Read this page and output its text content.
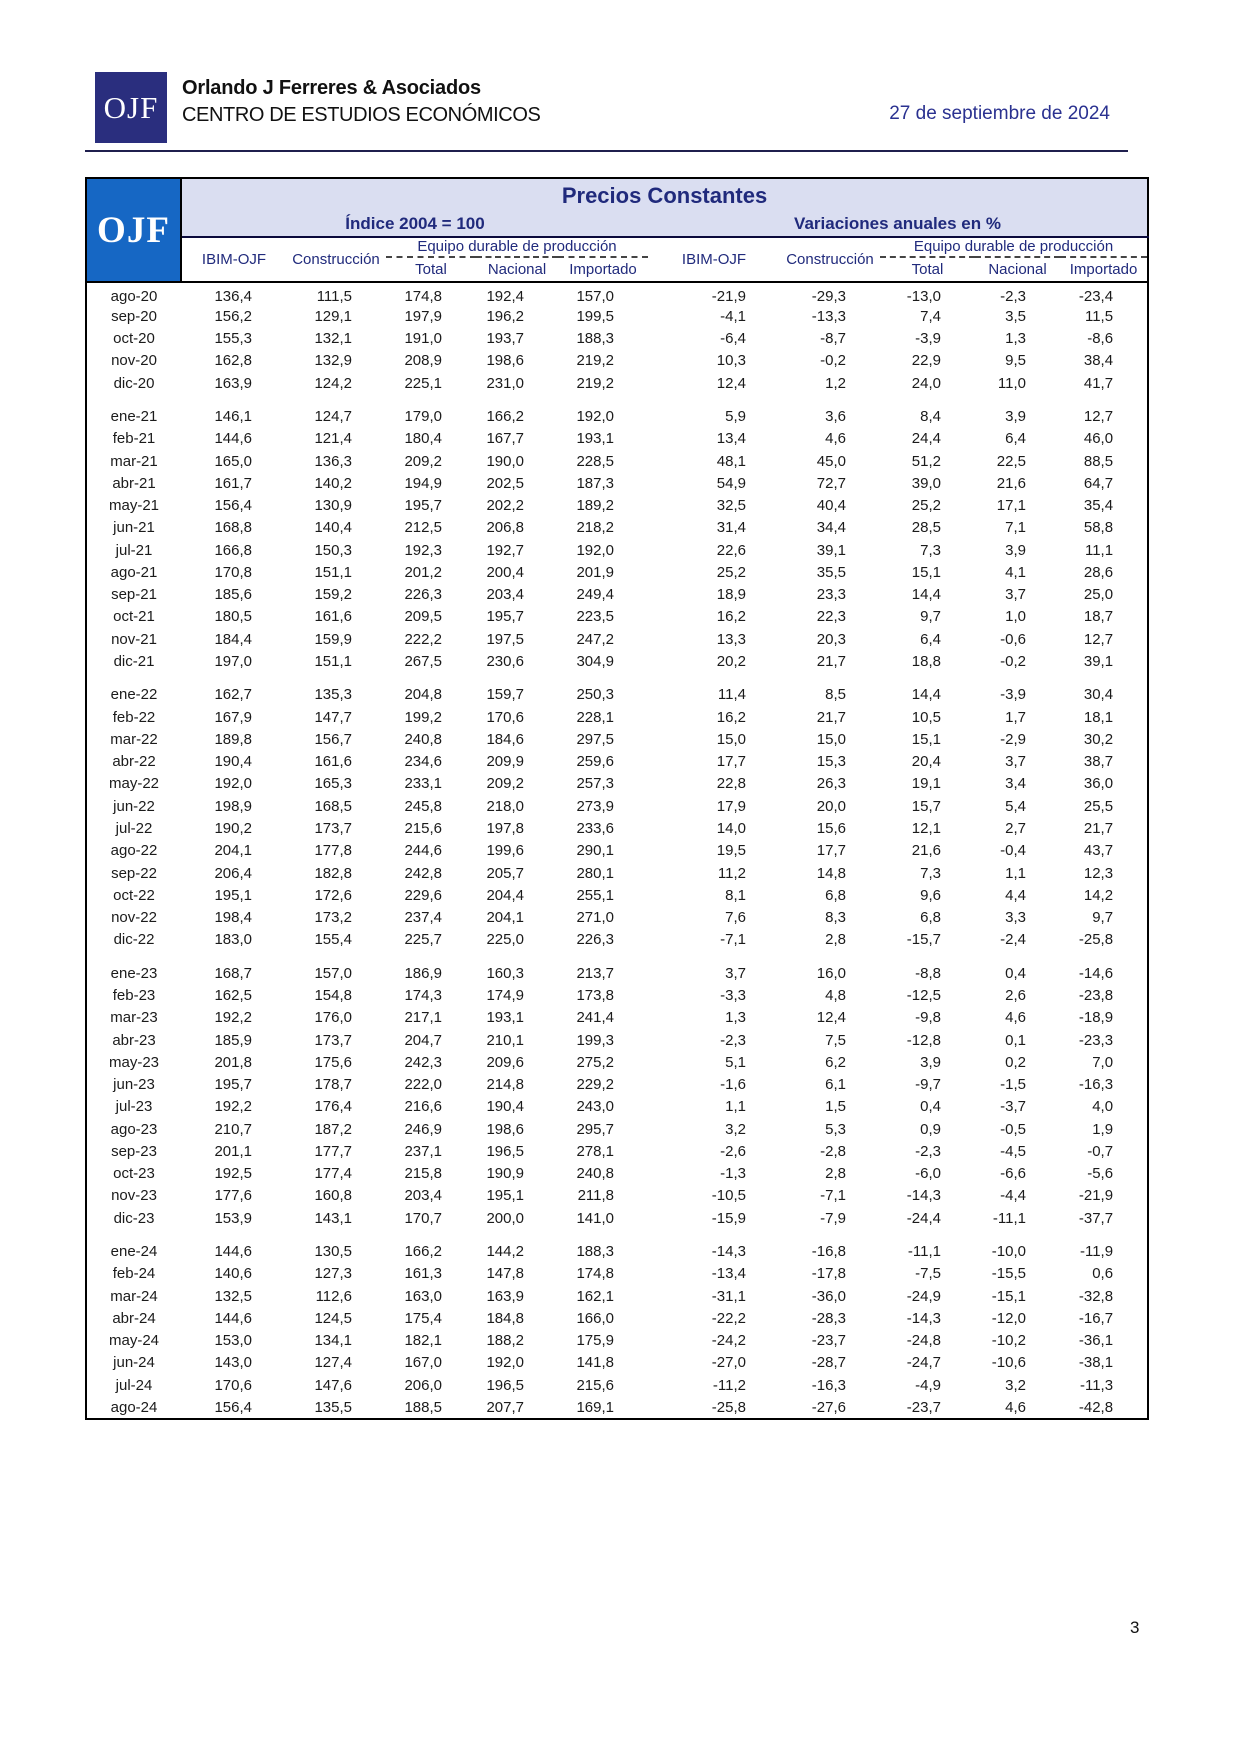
OJF
Orlando J Ferreres & Asociados
CENTRO DE ESTUDIOS ECONÓMICOS	27 de septiembre de 2024
OJF	Precios Constantes									
	Índice 2004 = 100					Variaciones anuales en %				
	IBIM-OJF	Construcción	Equipo durable de producción			IBIM-OJF	Construcción	Equipo durable de producción		
			Total	Nacional	Importado			Total	Nacional	Importado
ago-20	136,4	111,5	174,8	192,4	157,0	-21,9	-29,3	-13,0	-2,3	-23,4
sep-20	156,2	129,1	197,9	196,2	199,5	-4,1	-13,3	7,4	3,5	11,5
oct-20	155,3	132,1	191,0	193,7	188,3	-6,4	-8,7	-3,9	1,3	-8,6
nov-20	162,8	132,9	208,9	198,6	219,2	10,3	-0,2	22,9	9,5	38,4
dic-20	163,9	124,2	225,1	231,0	219,2	12,4	1,2	24,0	11,0	41,7

ene-21	146,1	124,7	179,0	166,2	192,0	5,9	3,6	8,4	3,9	12,7
feb-21	144,6	121,4	180,4	167,7	193,1	13,4	4,6	24,4	6,4	46,0
mar-21	165,0	136,3	209,2	190,0	228,5	48,1	45,0	51,2	22,5	88,5
abr-21	161,7	140,2	194,9	202,5	187,3	54,9	72,7	39,0	21,6	64,7
may-21	156,4	130,9	195,7	202,2	189,2	32,5	40,4	25,2	17,1	35,4
jun-21	168,8	140,4	212,5	206,8	218,2	31,4	34,4	28,5	7,1	58,8
jul-21	166,8	150,3	192,3	192,7	192,0	22,6	39,1	7,3	3,9	11,1
ago-21	170,8	151,1	201,2	200,4	201,9	25,2	35,5	15,1	4,1	28,6
sep-21	185,6	159,2	226,3	203,4	249,4	18,9	23,3	14,4	3,7	25,0
oct-21	180,5	161,6	209,5	195,7	223,5	16,2	22,3	9,7	1,0	18,7
nov-21	184,4	159,9	222,2	197,5	247,2	13,3	20,3	6,4	-0,6	12,7
dic-21	197,0	151,1	267,5	230,6	304,9	20,2	21,7	18,8	-0,2	39,1

ene-22	162,7	135,3	204,8	159,7	250,3	11,4	8,5	14,4	-3,9	30,4
feb-22	167,9	147,7	199,2	170,6	228,1	16,2	21,7	10,5	1,7	18,1
mar-22	189,8	156,7	240,8	184,6	297,5	15,0	15,0	15,1	-2,9	30,2
abr-22	190,4	161,6	234,6	209,9	259,6	17,7	15,3	20,4	3,7	38,7
may-22	192,0	165,3	233,1	209,2	257,3	22,8	26,3	19,1	3,4	36,0
jun-22	198,9	168,5	245,8	218,0	273,9	17,9	20,0	15,7	5,4	25,5
jul-22	190,2	173,7	215,6	197,8	233,6	14,0	15,6	12,1	2,7	21,7
ago-22	204,1	177,8	244,6	199,6	290,1	19,5	17,7	21,6	-0,4	43,7
sep-22	206,4	182,8	242,8	205,7	280,1	11,2	14,8	7,3	1,1	12,3
oct-22	195,1	172,6	229,6	204,4	255,1	8,1	6,8	9,6	4,4	14,2
nov-22	198,4	173,2	237,4	204,1	271,0	7,6	8,3	6,8	3,3	9,7
dic-22	183,0	155,4	225,7	225,0	226,3	-7,1	2,8	-15,7	-2,4	-25,8

ene-23	168,7	157,0	186,9	160,3	213,7	3,7	16,0	-8,8	0,4	-14,6
feb-23	162,5	154,8	174,3	174,9	173,8	-3,3	4,8	-12,5	2,6	-23,8
mar-23	192,2	176,0	217,1	193,1	241,4	1,3	12,4	-9,8	4,6	-18,9
abr-23	185,9	173,7	204,7	210,1	199,3	-2,3	7,5	-12,8	0,1	-23,3
may-23	201,8	175,6	242,3	209,6	275,2	5,1	6,2	3,9	0,2	7,0
jun-23	195,7	178,7	222,0	214,8	229,2	-1,6	6,1	-9,7	-1,5	-16,3
jul-23	192,2	176,4	216,6	190,4	243,0	1,1	1,5	0,4	-3,7	4,0
ago-23	210,7	187,2	246,9	198,6	295,7	3,2	5,3	0,9	-0,5	1,9
sep-23	201,1	177,7	237,1	196,5	278,1	-2,6	-2,8	-2,3	-4,5	-0,7
oct-23	192,5	177,4	215,8	190,9	240,8	-1,3	2,8	-6,0	-6,6	-5,6
nov-23	177,6	160,8	203,4	195,1	211,8	-10,5	-7,1	-14,3	-4,4	-21,9
dic-23	153,9	143,1	170,7	200,0	141,0	-15,9	-7,9	-24,4	-11,1	-37,7

ene-24	144,6	130,5	166,2	144,2	188,3	-14,3	-16,8	-11,1	-10,0	-11,9
feb-24	140,6	127,3	161,3	147,8	174,8	-13,4	-17,8	-7,5	-15,5	0,6
mar-24	132,5	112,6	163,0	163,9	162,1	-31,1	-36,0	-24,9	-15,1	-32,8
abr-24	144,6	124,5	175,4	184,8	166,0	-22,2	-28,3	-14,3	-12,0	-16,7
may-24	153,0	134,1	182,1	188,2	175,9	-24,2	-23,7	-24,8	-10,2	-36,1
jun-24	143,0	127,4	167,0	192,0	141,8	-27,0	-28,7	-24,7	-10,6	-38,1
jul-24	170,6	147,6	206,0	196,5	215,6	-11,2	-16,3	-4,9	3,2	-11,3
ago-24	156,4	135,5	188,5	207,7	169,1	-25,8	-27,6	-23,7	4,6	-42,8
3
